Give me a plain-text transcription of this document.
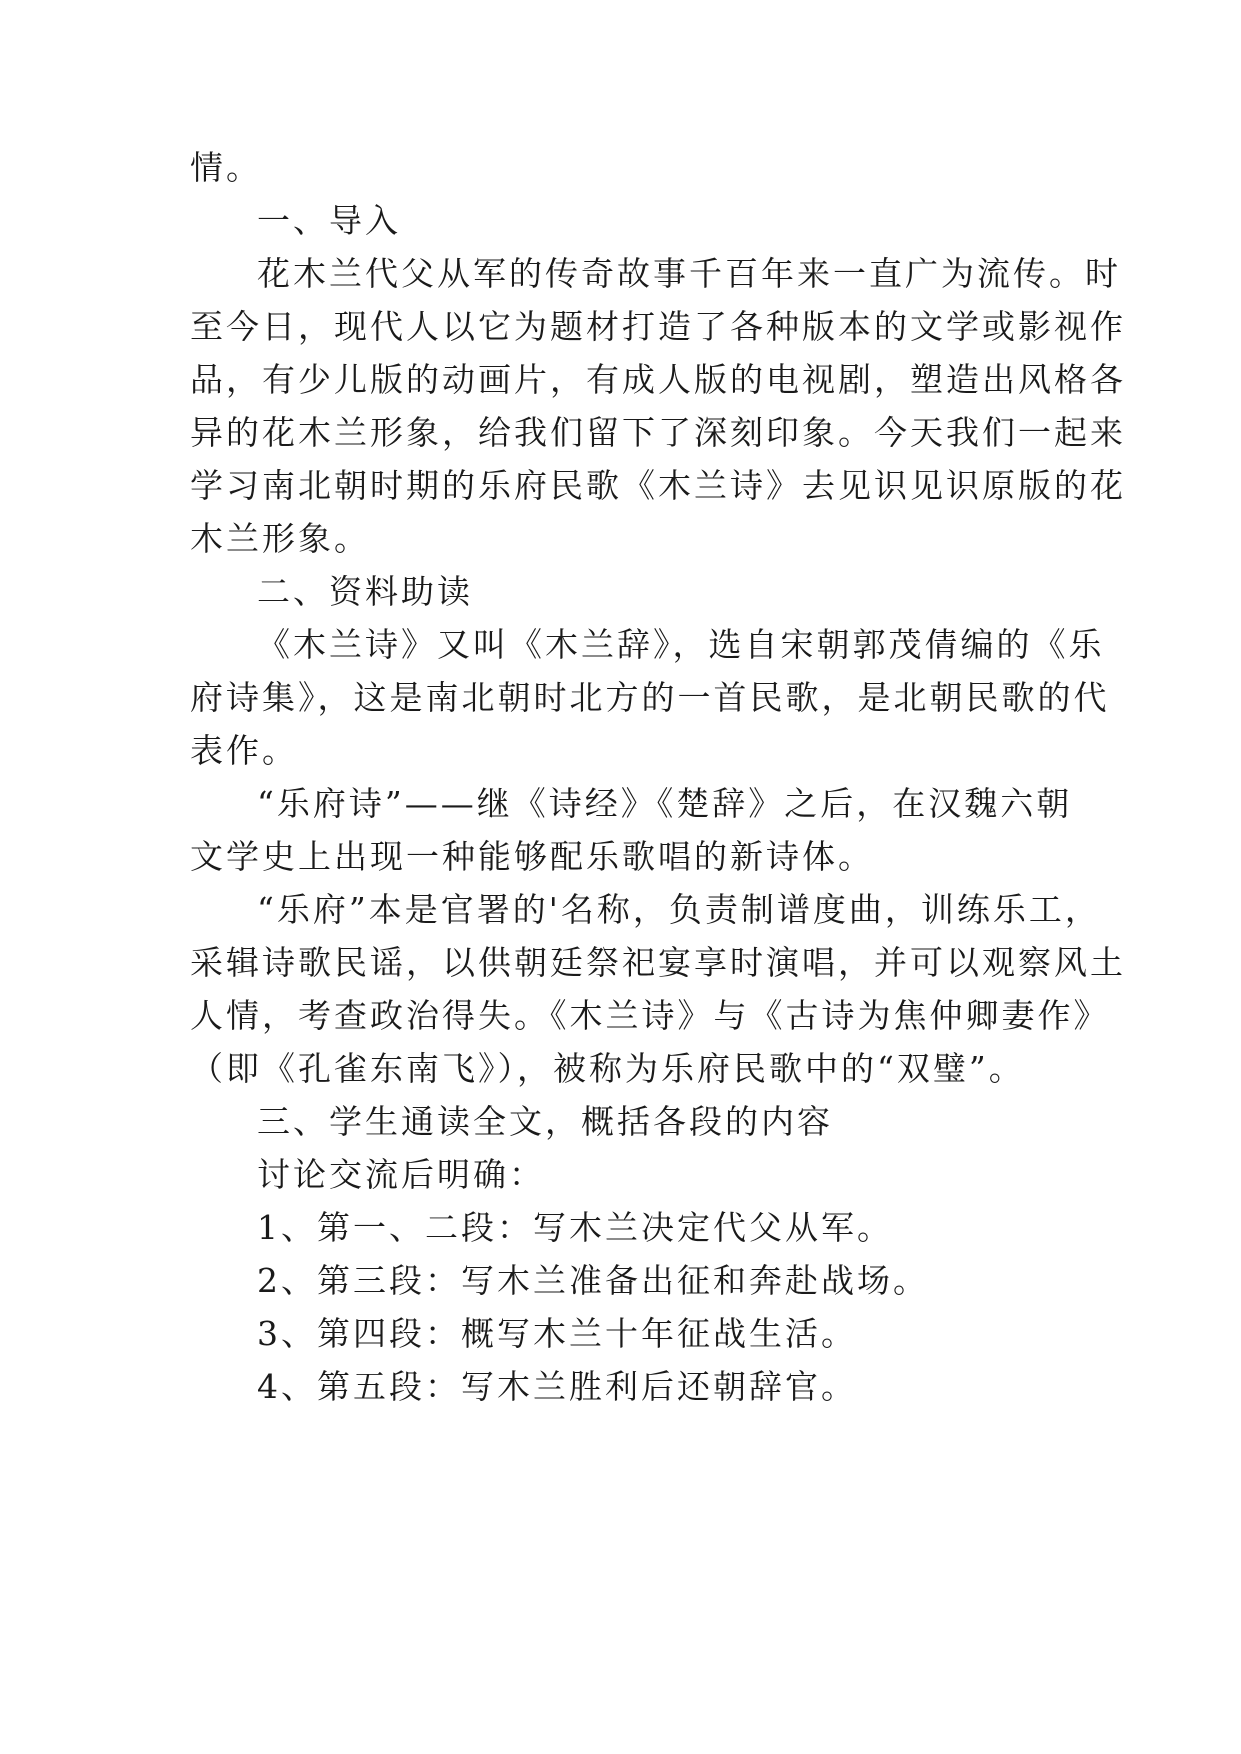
情。
一、导入
花木兰代父从军的传奇故事千百年来一直广为流传。时
至今日，现代人以它为题材打造了各种版本的文学或影视作
品，有少儿版的动画片，有成人版的电视剧，塑造出风格各
异的花木兰形象，给我们留下了深刻印象。今天我们一起来
学习南北朝时期的乐府民歌《木兰诗》去见识见识原版的花
木兰形象。
二、资料助读
《木兰诗》又叫《木兰辞》，选自宋朝郭茂倩编的《乐
府诗集》，这是南北朝时北方的一首民歌，是北朝民歌的代
表作。
“乐府诗”——继《诗经》《楚辞》之后，在汉魏六朝
文学史上出现一种能够配乐歌唱的新诗体。
“乐府”本是官署的'名称，负责制谱度曲，训练乐工，
采辑诗歌民谣，以供朝廷祭祀宴享时演唱，并可以观察风土
人情，考查政治得失。《木兰诗》与《古诗为焦仲卿妻作》
（即《孔雀东南飞》），被称为乐府民歌中的“双璧”。
三、学生通读全文，概括各段的内容
讨论交流后明确：
1、第一、二段：写木兰决定代父从军。
2、第三段：写木兰准备出征和奔赴战场。
3、第四段：概写木兰十年征战生活。
4、第五段：写木兰胜利后还朝辞官。
